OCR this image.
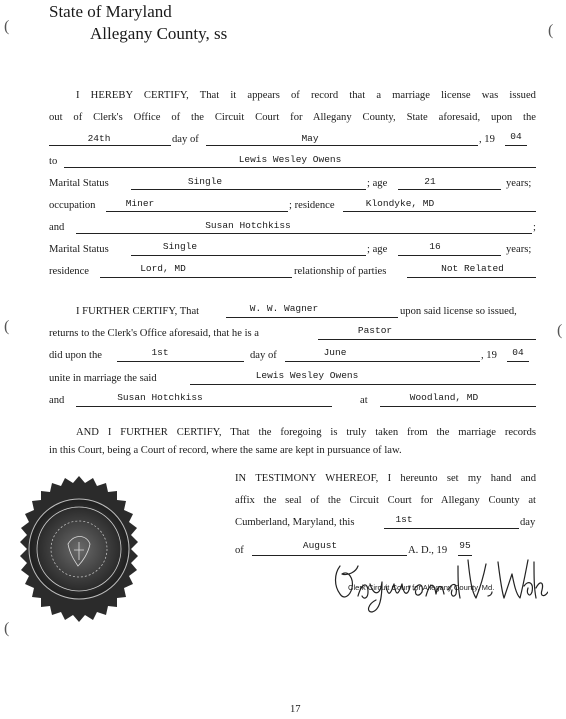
State of Maryland
Allegany County, ss
(	(
(	(
(
I HEREBY CERTIFY, That it appears of record that a marriage license was issued
out of Clerk's Office of the Circuit Court for Allegany County, State aforesaid, upon the
24th	day of	May	, 19	04
to	Lewis Wesley Owens
Marital Status	Single	; age	21	years;
occupation	Miner	; residence	Klondyke, MD
and	Susan Hotchkiss	;
Marital Status	Single	; age	16	years;
residence	Lord, MD	relationship of parties	Not Related
I FURTHER CERTIFY, That	W. W. Wagner	upon said license so issued,
returns to the Clerk's Office aforesaid, that he is a	Pastor
did upon the	1st	day of	June	, 19	04
unite in marriage the said	Lewis Wesley Owens
and	Susan Hotchkiss	at	Woodland, MD
AND I FURTHER CERTIFY, That the foregoing is truly taken from the marriage records
in this Court, being a Court of record, where the same are kept in pursuance of law.
IN TESTIMONY WHEREOF, I hereunto set my hand and
affix the seal of the Circuit Court for Allegany County at
Cumberland, Maryland, this	1st	day
of	August	A. D., 19	95
Clerk Circuit Court for Allegany County, Md.
17
